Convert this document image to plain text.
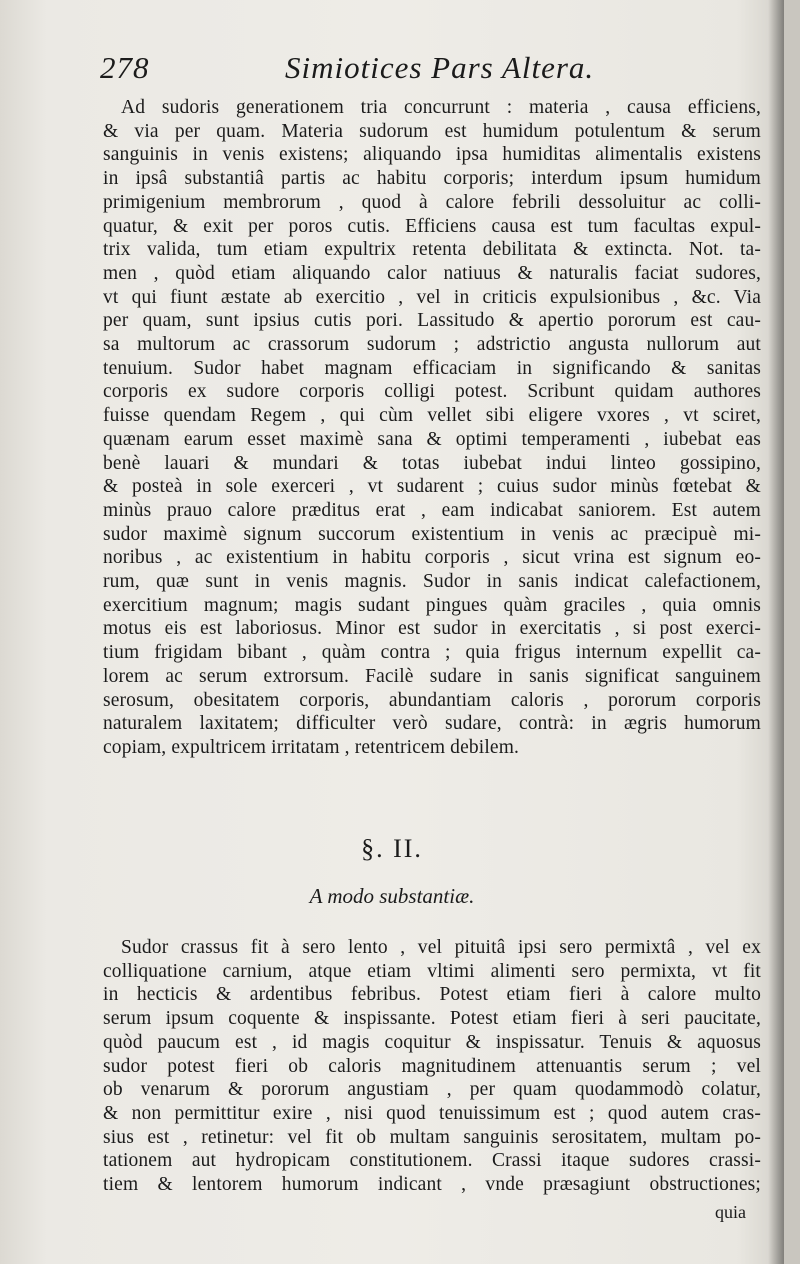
278	Simiotices Pars Altera.
Ad sudoris generationem tria concurrunt : materia , causa efficiens,
& via per quam. Materia sudorum est humidum potulentum & serum
sanguinis in venis existens; aliquando ipsa humiditas alimentalis existens
in ipsâ substantiâ partis ac habitu corporis; interdum ipsum humidum
primigenium membrorum , quod à calore febrili dessoluitur ac colli-
quatur, & exit per poros cutis. Efficiens causa est tum facultas expul-
trix valida, tum etiam expultrix retenta debilitata & extincta. Not. ta-
men , quòd etiam aliquando calor natiuus & naturalis faciat sudores,
vt qui fiunt æstate ab exercitio , vel in criticis expulsionibus , &c. Via
per quam, sunt ipsius cutis pori. Lassitudo & apertio pororum est cau-
sa multorum ac crassorum sudorum ; adstrictio angusta nullorum aut
tenuium. Sudor habet magnam efficaciam in significando & sanitas
corporis ex sudore corporis colligi potest. Scribunt quidam authores
fuisse quendam Regem , qui cùm vellet sibi eligere vxores , vt sciret,
quænam earum esset maximè sana & optimi temperamenti , iubebat eas
benè lauari & mundari & totas iubebat indui linteo gossipino,
& posteà in sole exerceri , vt sudarent ; cuius sudor minùs fœtebat &
minùs prauo calore præditus erat , eam indicabat saniorem. Est autem
sudor maximè signum succorum existentium in venis ac præcipuè mi-
noribus , ac existentium in habitu corporis , sicut vrina est signum eo-
rum, quæ sunt in venis magnis. Sudor in sanis indicat calefactionem,
exercitium magnum; magis sudant pingues quàm graciles , quia omnis
motus eis est laboriosus. Minor est sudor in exercitatis , si post exerci-
tium frigidam bibant , quàm contra ; quia frigus internum expellit ca-
lorem ac serum extrorsum. Facilè sudare in sanis significat sanguinem
serosum, obesitatem corporis, abundantiam caloris , pororum corporis
naturalem laxitatem; difficulter verò sudare, contrà: in ægris humorum
copiam, expultricem irritatam , retentricem debilem.
§. II.
A modo substantiæ.
Sudor crassus fit à sero lento , vel pituitâ ipsi sero permixtâ , vel ex
colliquatione carnium, atque etiam vltimi alimenti sero permixta, vt fit
in hecticis & ardentibus febribus. Potest etiam fieri à calore multo
serum ipsum coquente & inspissante. Potest etiam fieri à seri paucitate,
quòd paucum est , id magis coquitur & inspissatur. Tenuis & aquosus
sudor potest fieri ob caloris magnitudinem attenuantis serum ; vel
ob venarum & pororum angustiam , per quam quodammodò colatur,
& non permittitur exire , nisi quod tenuissimum est ; quod autem cras-
sius est , retinetur: vel fit ob multam sanguinis serositatem, multam po-
tationem aut hydropicam constitutionem. Crassi itaque sudores crassi-
tiem & lentorem humorum indicant , vnde præsagiunt obstructiones;
quia
